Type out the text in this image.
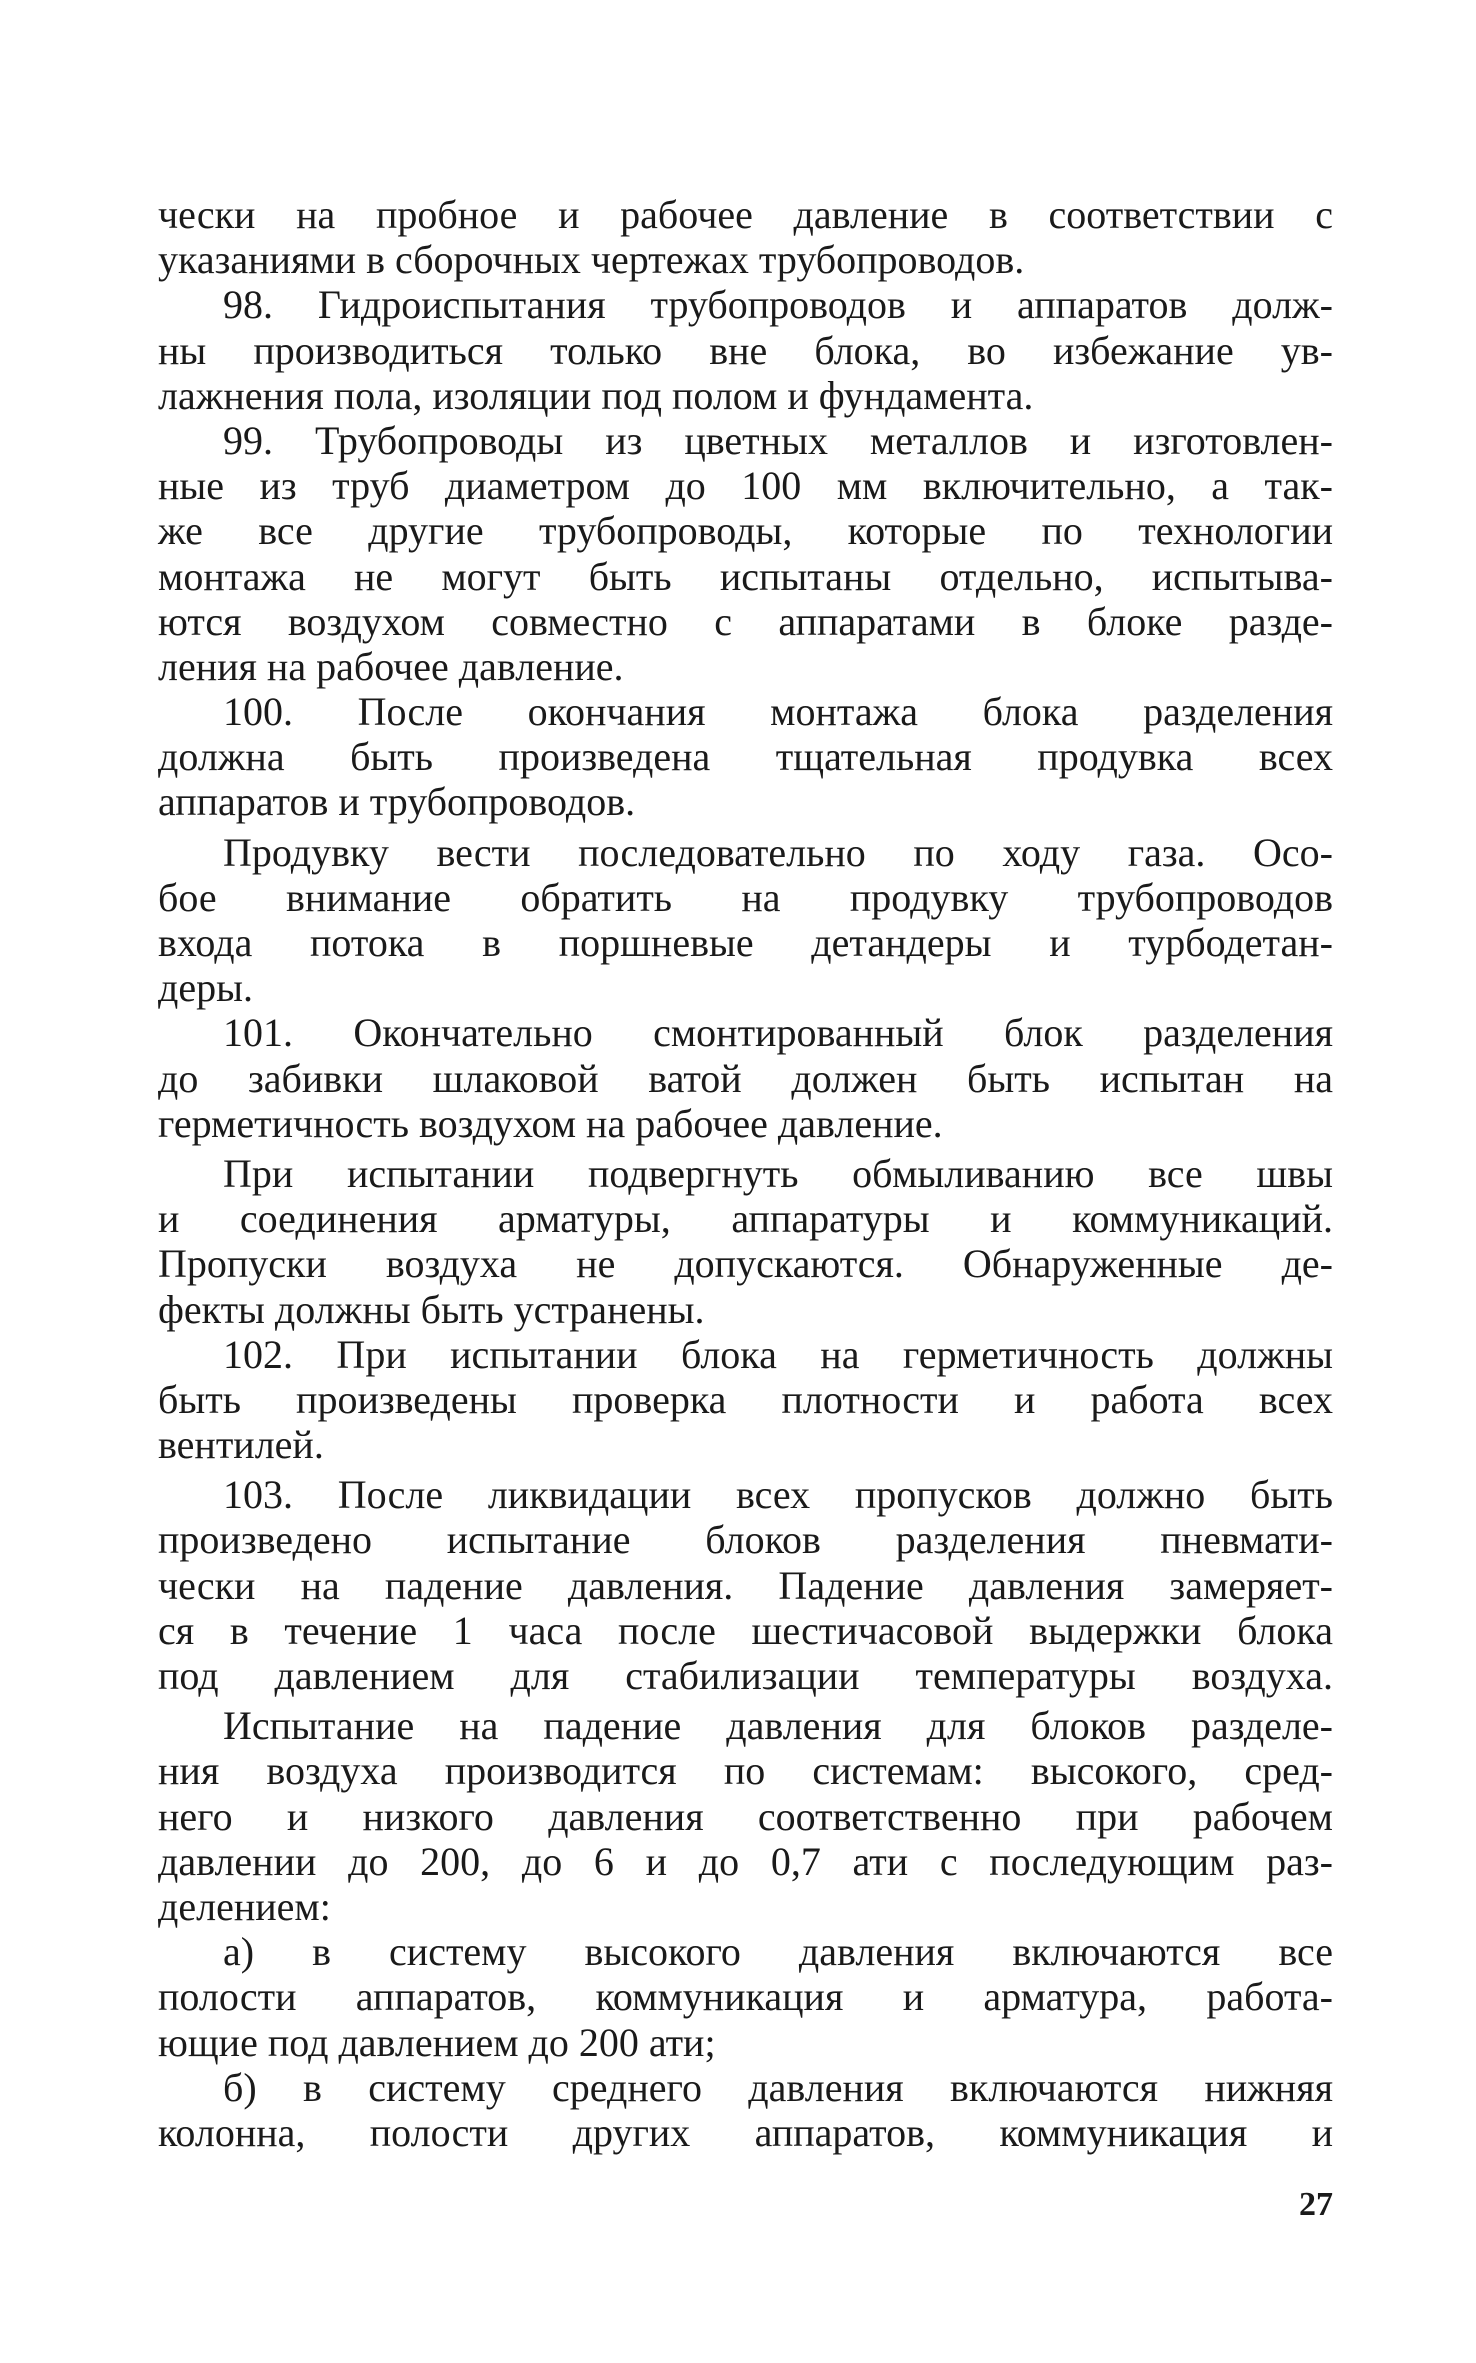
чески на пробное и рабочее давление в соответствии с
указаниями в сборочных чертежах трубопроводов.
98. Гидроиспытания трубопроводов и аппаратов долж-
ны производиться только вне блока, во избежание ув-
лажнения пола, изоляции под полом и фундамента.
99. Трубопроводы из цветных металлов и изготовлен-
ные из труб диаметром до 100 мм включительно, а так-
же все другие трубопроводы, которые по технологии
монтажа не могут быть испытаны отдельно, испытыва-
ются воздухом совместно с аппаратами в блоке разде-
ления на рабочее давление.
100. После окончания монтажа блока разделения
должна быть произведена тщательная продувка всех
аппаратов и трубопроводов.
Продувку вести последовательно по ходу газа. Осо-
бое внимание обратить на продувку трубопроводов
входа потока в поршневые детандеры и турбодетан-
деры.
101. Окончательно смонтированный блок разделения
до забивки шлаковой ватой должен быть испытан на
герметичность воздухом на рабочее давление.
При испытании подвергнуть обмыливанию все швы
и соединения арматуры, аппаратуры и коммуникаций.
Пропуски воздуха не допускаются. Обнаруженные де-
фекты должны быть устранены.
102. При испытании блока на герметичность должны
быть произведены проверка плотности и работа всех
вентилей.
103. После ликвидации всех пропусков должно быть
произведено испытание блоков разделения пневмати-
чески на падение давления. Падение давления замеряет-
ся в течение 1 часа после шестичасовой выдержки блока
под давлением для стабилизации температуры воздуха.
Испытание на падение давления для блоков разделе-
ния воздуха производится по системам: высокого, сред-
него и низкого давления соответственно при рабочем
давлении до 200, до 6 и до 0,7 ати с последующим раз-
делением:
а) в систему высокого давления включаются все
полости аппаратов, коммуникация и арматура, работа-
ющие под давлением до 200 ати;
б) в систему среднего давления включаются нижняя
колонна, полости других аппаратов, коммуникация и
27
